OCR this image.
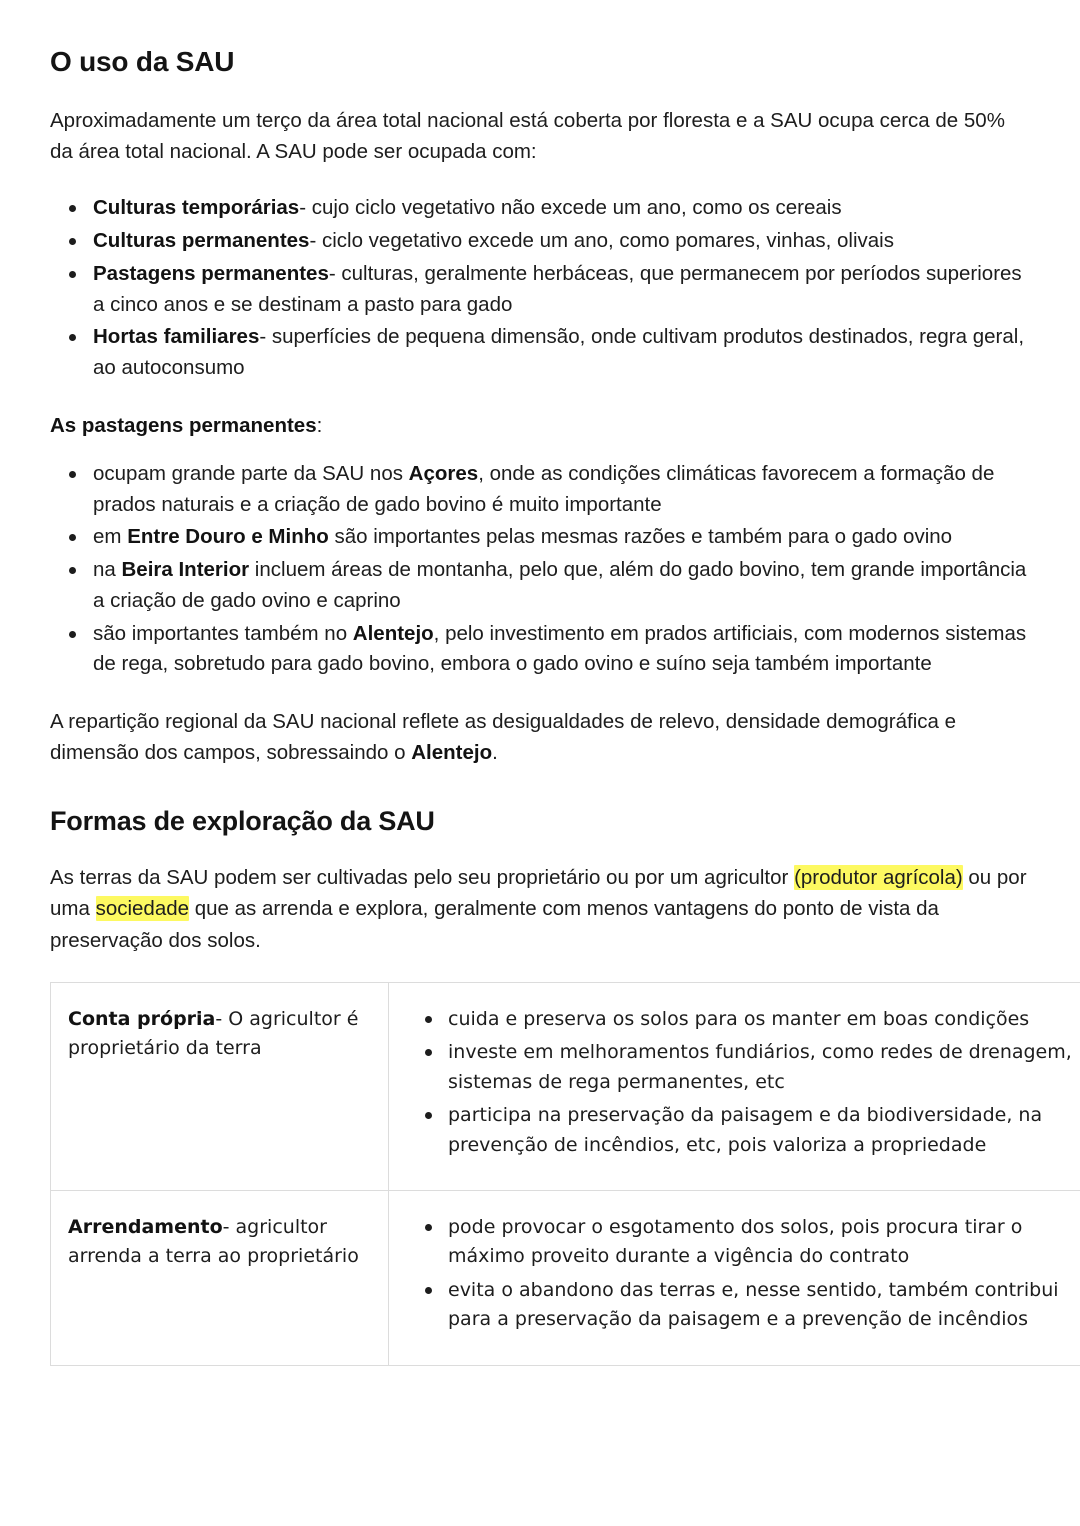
O uso da SAU

Aproximadamente um terço da área total nacional está coberta por floresta e a SAU ocupa cerca de 50% da área total nacional. A SAU pode ser ocupada com:

Culturas temporárias- cujo ciclo vegetativo não excede um ano, como os cereais
Culturas permanentes- ciclo vegetativo excede um ano, como pomares, vinhas, olivais
Pastagens permanentes- culturas, geralmente herbáceas, que permanecem por períodos superiores a cinco anos e se destinam a pasto para gado
Hortas familiares- superfícies de pequena dimensão, onde cultivam produtos destinados, regra geral, ao autoconsumo

As pastagens permanentes:

ocupam grande parte da SAU nos Açores, onde as condições climáticas favorecem a formação de prados naturais e a criação de gado bovino é muito importante
em Entre Douro e Minho são importantes pelas mesmas razões e também para o gado ovino
na Beira Interior incluem áreas de montanha, pelo que, além do gado bovino, tem grande importância a criação de gado ovino e caprino
são importantes também no Alentejo, pelo investimento em prados artificiais, com modernos sistemas de rega, sobretudo para gado bovino, embora o gado ovino e suíno seja também importante

A repartição regional da SAU nacional reflete as desigualdades de relevo, densidade demográfica e dimensão dos campos, sobressaindo o Alentejo.

Formas de exploração da SAU

As terras da SAU podem ser cultivadas pelo seu proprietário ou por um agricultor (produtor agrícola) ou por uma sociedade que as arrenda e explora, geralmente com menos vantagens do ponto de vista da preservação dos solos.

Conta própria- O agricultor é proprietário da terra

cuida e preserva os solos para os manter em boas condições
investe em melhoramentos fundiários, como redes de drenagem, sistemas de rega permanentes, etc
participa na preservação da paisagem e da biodiversidade, na prevenção de incêndios, etc, pois valoriza a propriedade

Arrendamento- agricultor arrenda a terra ao proprietário

pode provocar o esgotamento dos solos, pois procura tirar o máximo proveito durante a vigência do contrato
evita o abandono das terras e, nesse sentido, também contribui para a preservação da paisagem e a prevenção de incêndios
